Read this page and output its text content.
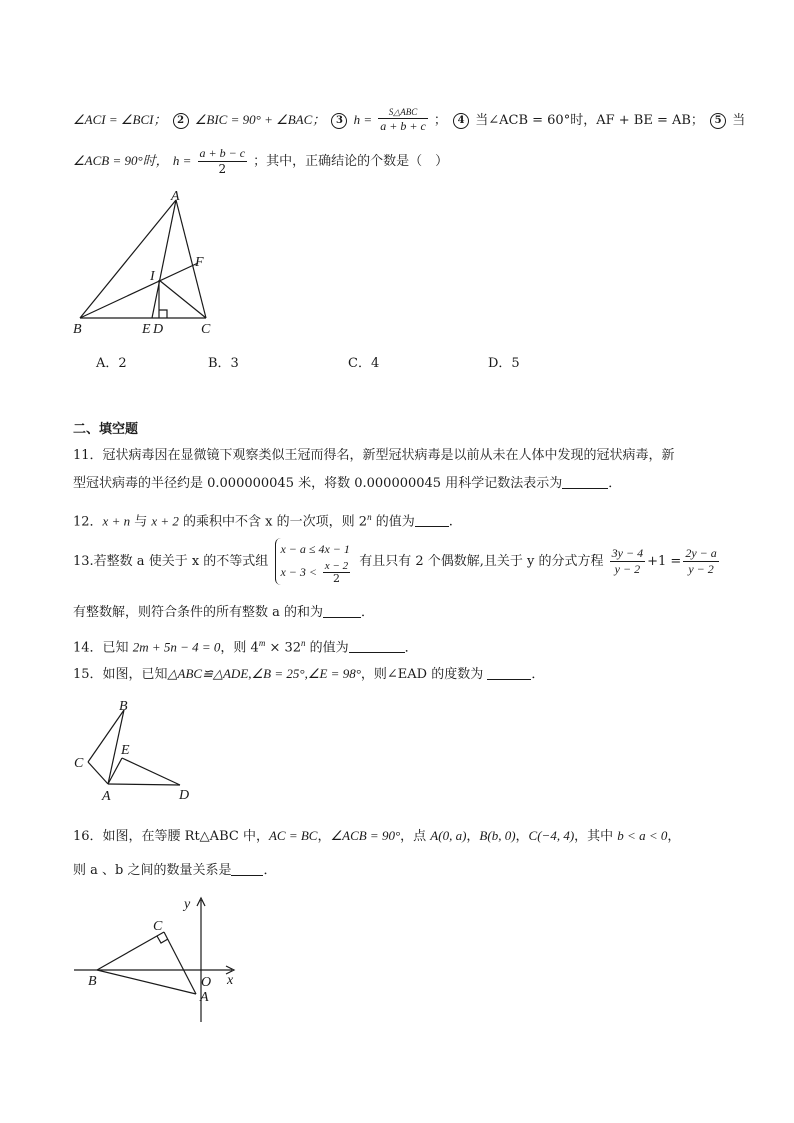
∠ACI = ∠BCI； 2 ∠BIC = 90° + ∠BAC； 3 $h = \frac{\text{S△ABC}}{a + b + c}$ ； 4 当∠ACB = 60°时，AF + BE = AB； 5 当
∠ACB = 90°时， $h = \frac{a + b - c}{2}$ ；其中，正确结论的个数是（　）
A
B	C
I
F
E D
A．2	B．3	C．4	D．5
二、填空题
11．冠状病毒因在显微镜下观察类似王冠而得名，新型冠状病毒是以前从未在人体中发现的冠状病毒，新
型冠状病毒的半径约是 0.000000045 米，将数 0.000000045 用科学记数法表示为	．
12．x + n 与 x + 2 的乘积中不含 x 的一次项，则 2$^n$ 的值为	.
13.若整数 a 使关于 x 的不等式组
x − a ≤ 4x − 1
$x - 3 < \frac{x - 2}{2}$ 有且只有 2 个偶数解,且关于 y 的分式方程 $\frac{3y - 4}{y - 2} +1 = \frac{2y - a}{y - 2}$
有整数解，则符合条件的所有整数 a 的和为	．
14．已知 2m + 5n − 4 = 0，则 $4^m \times 32^n$ 的值为	．
15．如图，已知△ABC≌△ADE,∠B = 25°,∠E = 98°，则∠EAD 的度数为	．
B
C
E
A	D
16．如图，在等腰 Rt△ABC 中，AC = BC，∠ACB = 90°，点 A(0, a)，B(b, 0)，C(−4, 4)，其中 b < a < 0，
则 a 、b 之间的数量关系是 ．
y
C
B	O x
A
